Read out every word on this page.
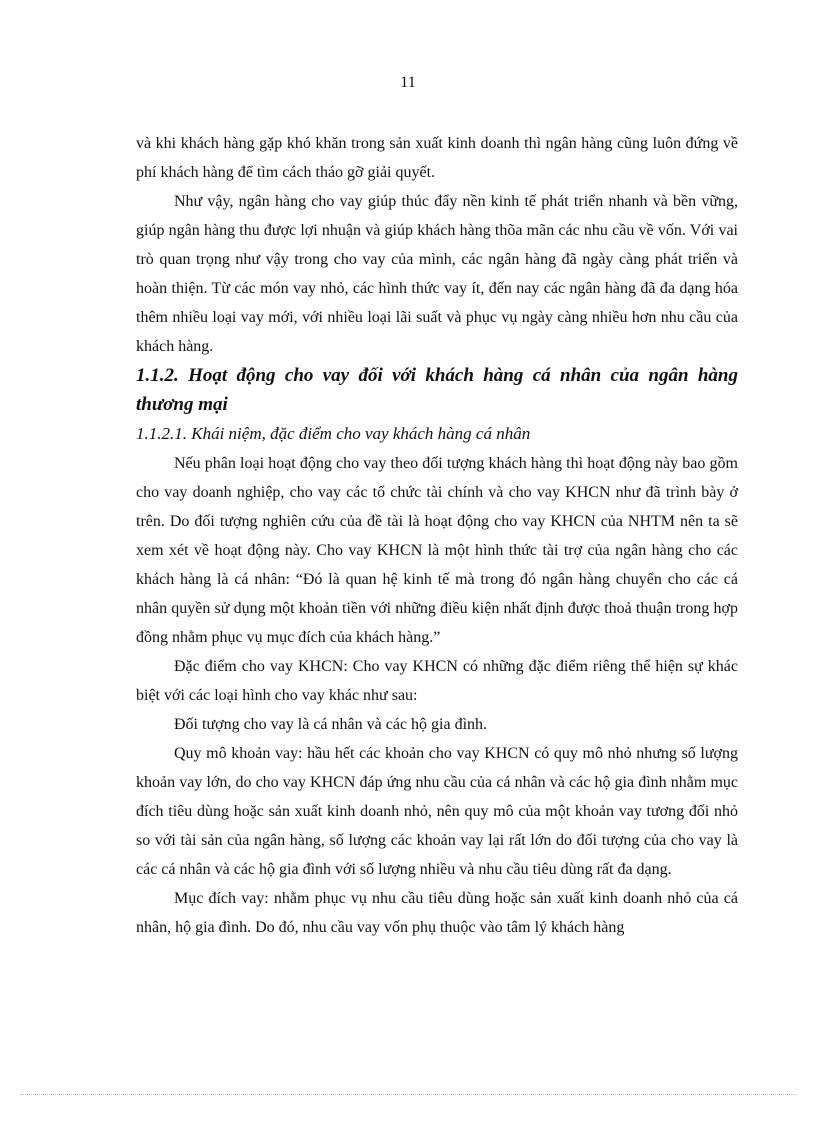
11

và khi khách hàng gặp khó khăn trong sản xuất kinh doanh thì ngân hàng cũng luôn đứng về phí khách hàng để tìm cách tháo gỡ giải quyết.

Như vậy, ngân hàng cho vay giúp thúc đẩy nền kinh tế phát triển nhanh và bền vững, giúp ngân hàng thu được lợi nhuận và giúp khách hàng thõa mãn các nhu cầu về vốn. Với vai trò quan trọng như vậy trong cho vay của mình, các ngân hàng đã ngày càng phát triển và hoàn thiện. Từ các món vay nhỏ, các hình thức vay ít, đến nay các ngân hàng đã đa dạng hóa thêm nhiều loại vay mới, với nhiều loại lãi suất và phục vụ ngày càng nhiều hơn nhu cầu của khách hàng.

1.1.2. Hoạt động cho vay đối với khách hàng cá nhân của ngân hàng thương mại

1.1.2.1. Khái niệm, đặc điểm cho vay khách hàng cá nhân

Nếu phân loại hoạt động cho vay theo đối tượng khách hàng thì hoạt động này bao gồm cho vay doanh nghiệp, cho vay các tổ chức tài chính và cho vay KHCN như đã trình bày ở trên. Do đối tượng nghiên cứu của đề tài là hoạt động cho vay KHCN của NHTM nên ta sẽ xem xét về hoạt động này. Cho vay KHCN là một hình thức tài trợ của ngân hàng cho các khách hàng là cá nhân: “Đó là quan hệ kinh tế mà trong đó ngân hàng chuyển cho các cá nhân quyền sử dụng một khoản tiền với những điều kiện nhất định được thoả thuận trong hợp đồng nhằm phục vụ mục đích của khách hàng.”

Đặc điểm cho vay KHCN: Cho vay KHCN có những đặc điểm riêng thể hiện sự khác biệt với các loại hình cho vay khác như sau:

Đối tượng cho vay là cá nhân và các hộ gia đình.

Quy mô khoản vay: hầu hết các khoản cho vay KHCN có quy mô nhỏ nhưng số lượng khoản vay lớn, do cho vay KHCN đáp ứng nhu cầu của cá nhân và các hộ gia đình nhằm mục đích tiêu dùng hoặc sản xuất kinh doanh nhỏ, nên quy mô của một khoản vay tương đối nhỏ so với tài sản của ngân hàng, số lượng các khoản vay lại rất lớn do đối tượng của cho vay là các cá nhân và các hộ gia đình với số lượng nhiều và nhu cầu tiêu dùng rất đa dạng.

Mục đích vay: nhằm phục vụ nhu cầu tiêu dùng hoặc sản xuất kinh doanh nhỏ của cá nhân, hộ gia đình. Do đó, nhu cầu vay vốn phụ thuộc vào tâm lý khách hàng
